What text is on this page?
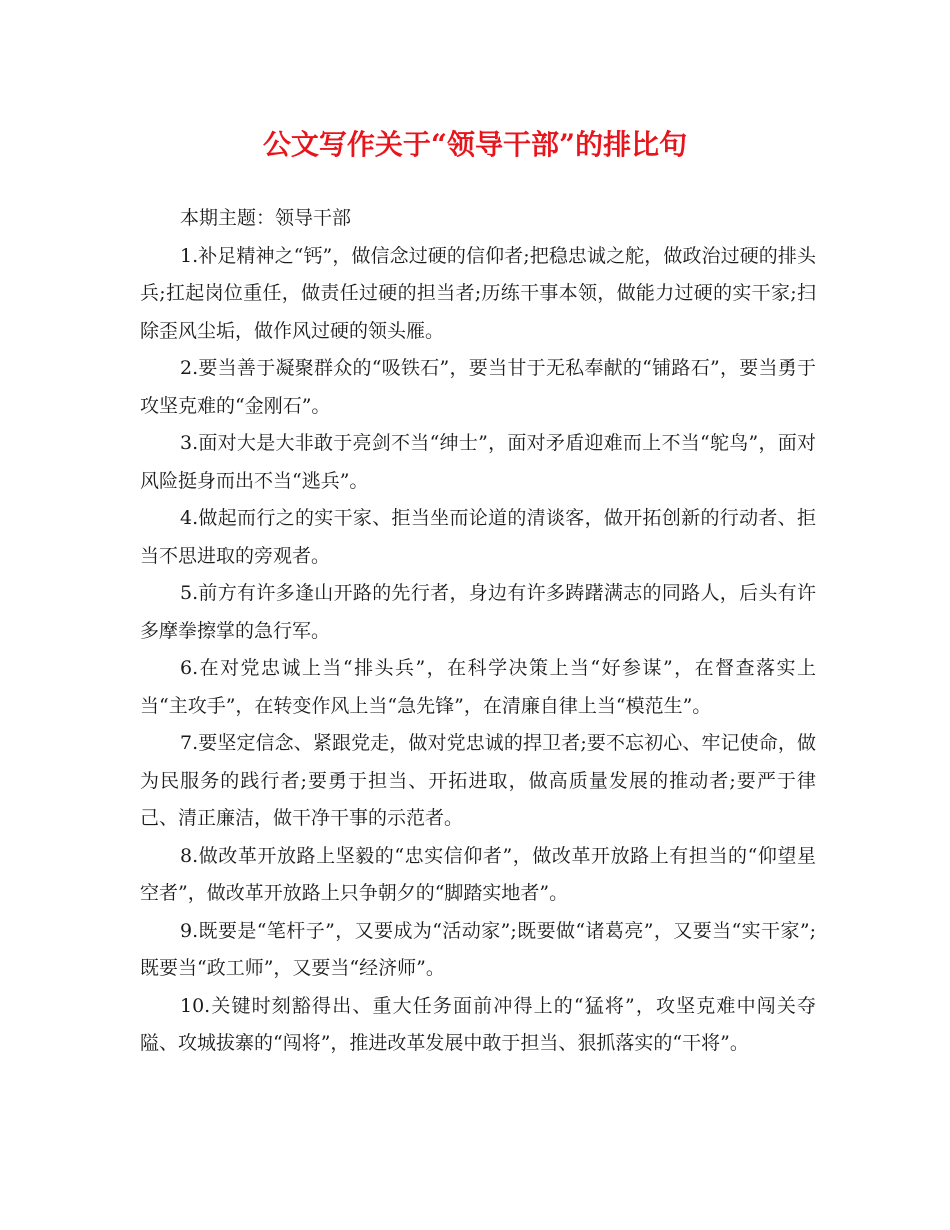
公文写作关于“领导干部”的排比句

本期主题：领导干部

1.补足精神之“钙”，做信念过硬的信仰者;把稳忠诚之舵，做政治过硬的排头兵;扛起岗位重任，做责任过硬的担当者;历练干事本领，做能力过硬的实干家;扫除歪风尘垢，做作风过硬的领头雁。

2.要当善于凝聚群众的“吸铁石”，要当甘于无私奉献的“铺路石”，要当勇于攻坚克难的“金刚石”。

3.面对大是大非敢于亮剑不当“绅士”，面对矛盾迎难而上不当“鸵鸟”，面对风险挺身而出不当“逃兵”。

4.做起而行之的实干家、拒当坐而论道的清谈客，做开拓创新的行动者、拒当不思进取的旁观者。

5.前方有许多逢山开路的先行者，身边有许多踌躇满志的同路人，后头有许多摩拳擦掌的急行军。

6.在对党忠诚上当“排头兵”，在科学决策上当“好参谋”，在督查落实上当“主攻手”，在转变作风上当“急先锋”，在清廉自律上当“模范生”。

7.要坚定信念、紧跟党走，做对党忠诚的捍卫者;要不忘初心、牢记使命，做为民服务的践行者;要勇于担当、开拓进取，做高质量发展的推动者;要严于律己、清正廉洁，做干净干事的示范者。

8.做改革开放路上坚毅的“忠实信仰者”，做改革开放路上有担当的“仰望星空者”，做改革开放路上只争朝夕的“脚踏实地者”。

9.既要是“笔杆子”，又要成为“活动家”;既要做“诸葛亮”，又要当“实干家”;既要当“政工师”，又要当“经济师”。

10.关键时刻豁得出、重大任务面前冲得上的“猛将”，攻坚克难中闯关夺隘、攻城拔寨的“闯将”，推进改革发展中敢于担当、狠抓落实的“干将”。
